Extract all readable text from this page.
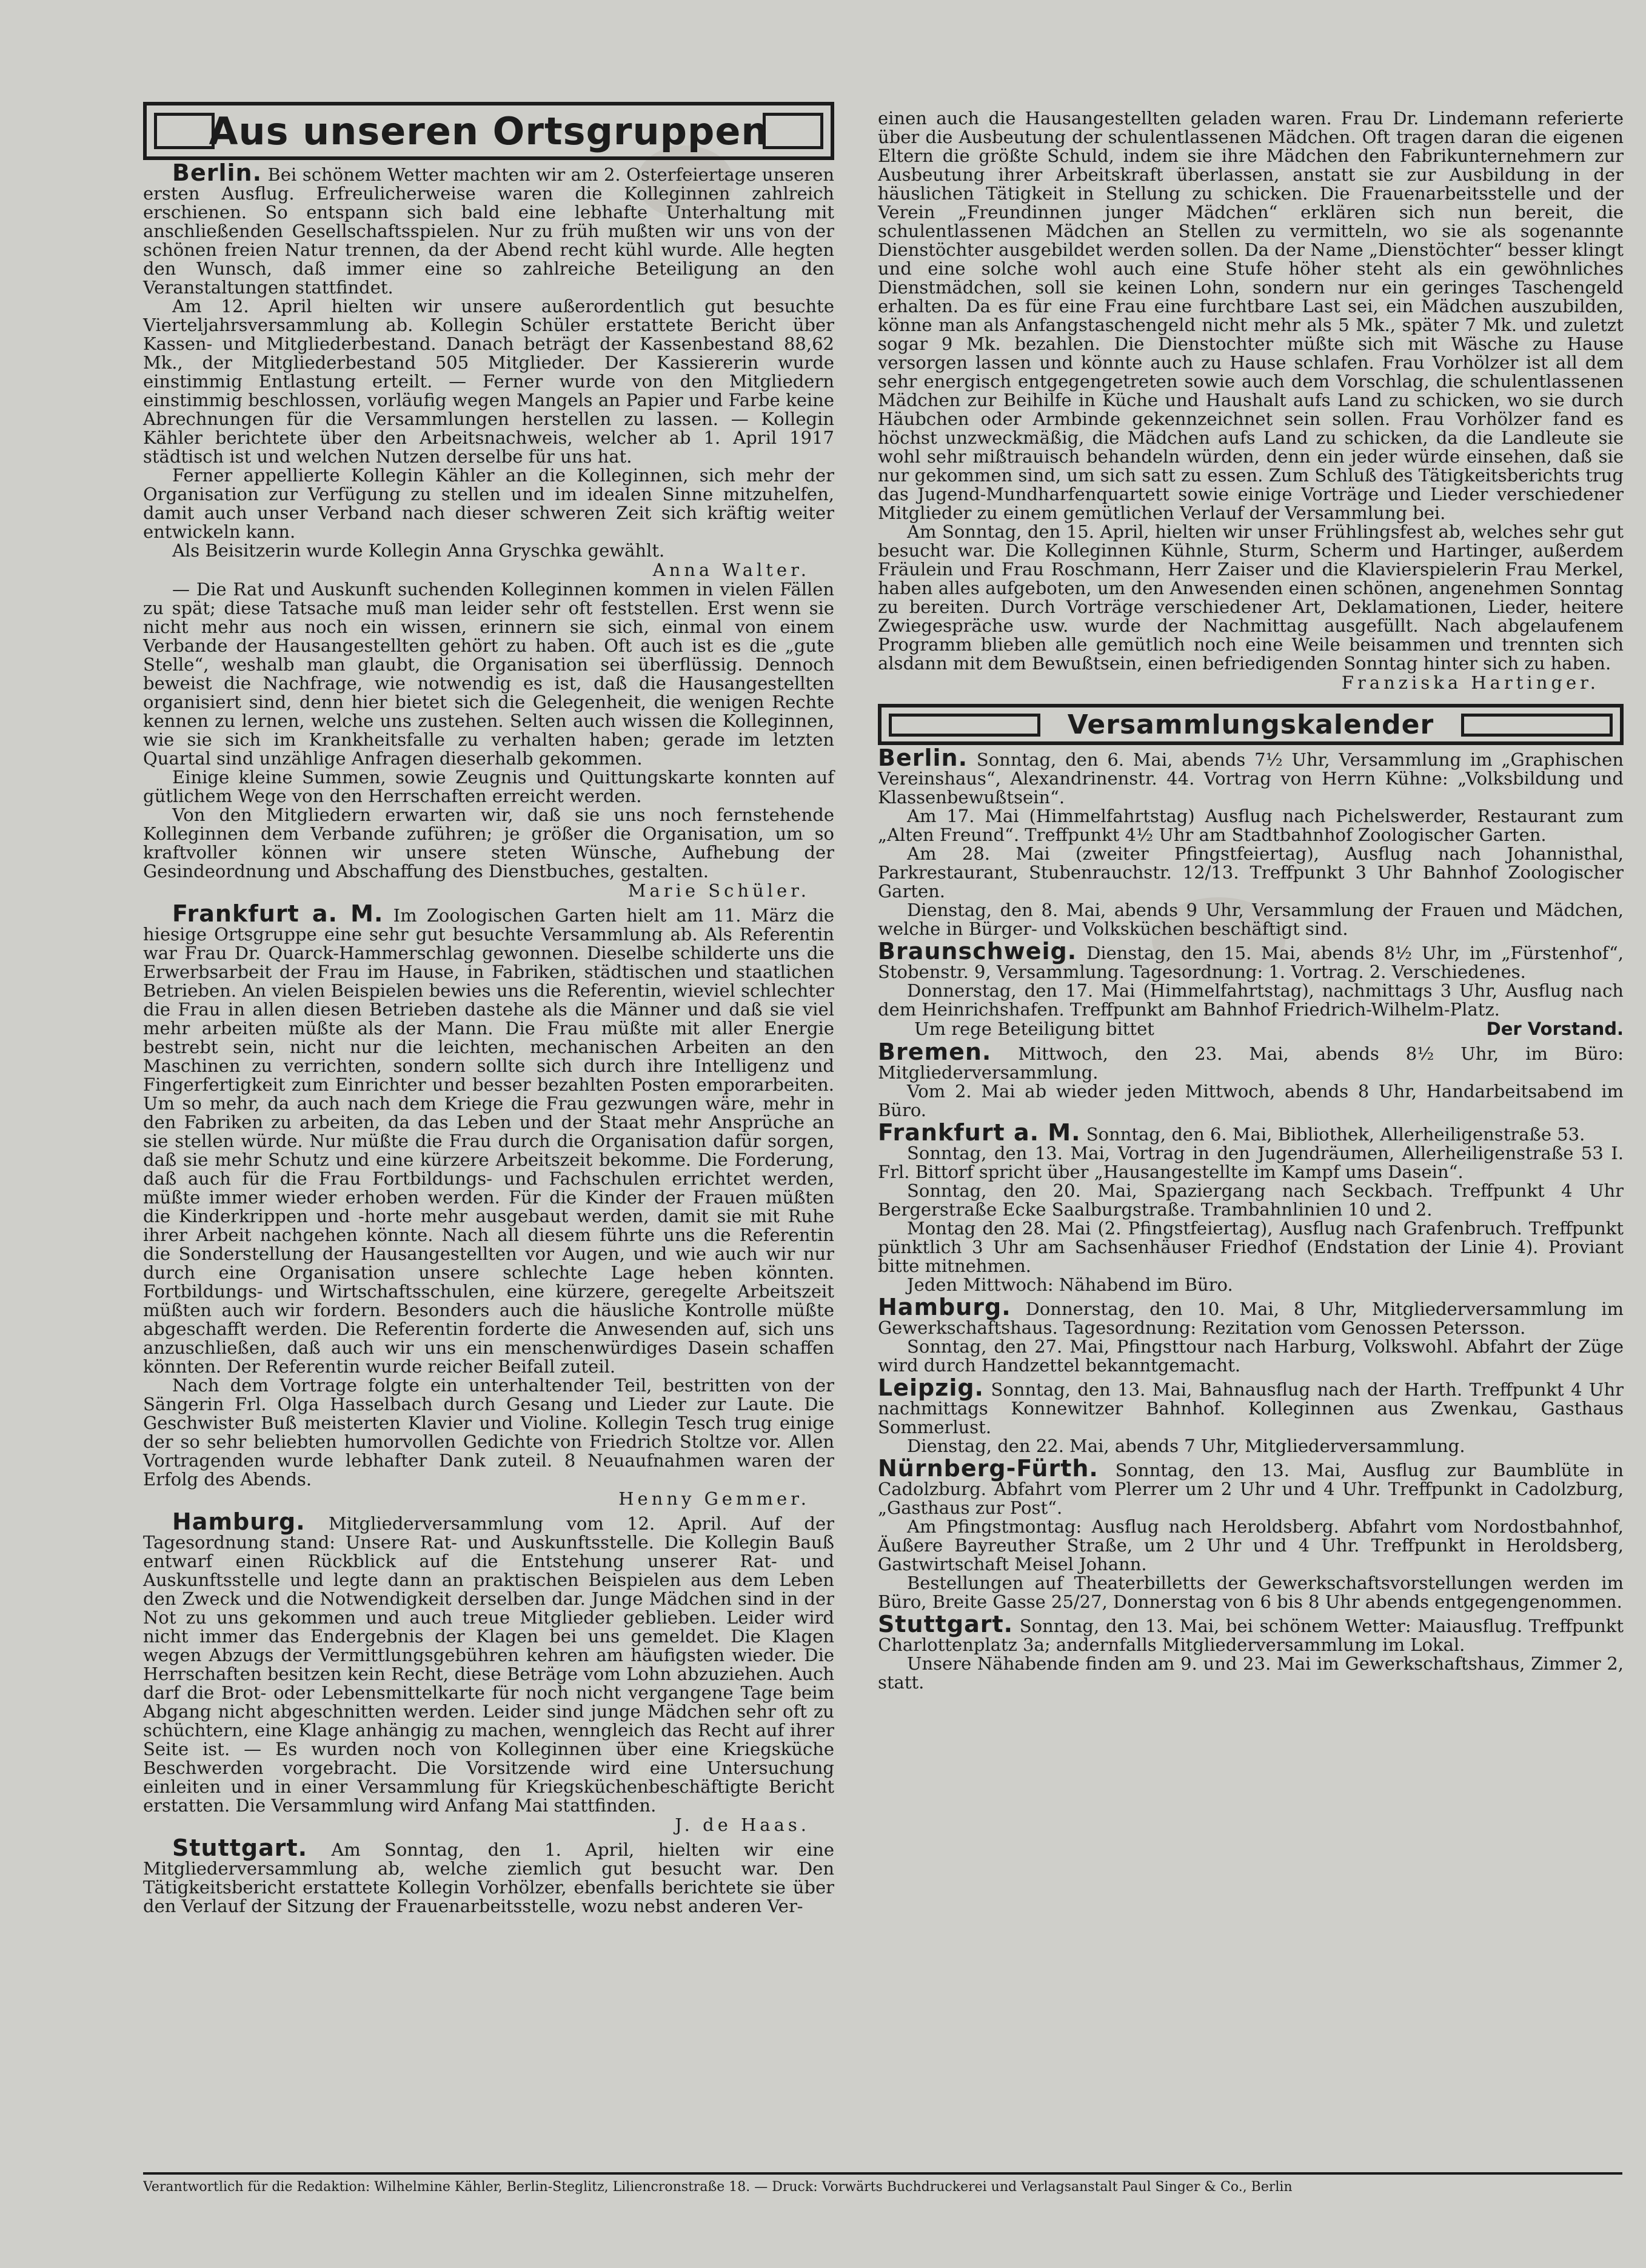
Aus unseren Ortsgruppen

Berlin. Bei schönem Wetter machten wir am 2. Osterfeiertage unseren ersten Ausflug. Erfreulicherweise waren die Kolleginnen zahlreich erschienen. So entspann sich bald eine lebhafte Unterhaltung mit anschließenden Gesellschaftsspielen. Nur zu früh mußten wir uns von der schönen freien Natur trennen, da der Abend recht kühl wurde. Alle hegten den Wunsch, daß immer eine so zahlreiche Beteiligung an den Veranstaltungen stattfindet.

Am 12. April hielten wir unsere außerordentlich gut besuchte Vierteljahrsversammlung ab. Kollegin Schüler erstattete Bericht über Kassen- und Mitgliederbestand. Danach beträgt der Kassenbestand 88,62 Mk., der Mitgliederbestand 505 Mitglieder. Der Kassiererin wurde einstimmig Entlastung erteilt. — Ferner wurde von den Mitgliedern einstimmig beschlossen, vorläufig wegen Mangels an Papier und Farbe keine Abrechnungen für die Versammlungen herstellen zu lassen. — Kollegin Kähler berichtete über den Arbeitsnachweis, welcher ab 1. April 1917 städtisch ist und welchen Nutzen derselbe für uns hat.

Ferner appellierte Kollegin Kähler an die Kolleginnen, sich mehr der Organisation zur Verfügung zu stellen und im idealen Sinne mitzuhelfen, damit auch unser Verband nach dieser schweren Zeit sich kräftig weiter entwickeln kann.

Als Beisitzerin wurde Kollegin Anna Gryschka gewählt.

Anna Walter.

— Die Rat und Auskunft suchenden Kolleginnen kommen in vielen Fällen zu spät; diese Tatsache muß man leider sehr oft feststellen. Erst wenn sie nicht mehr aus noch ein wissen, erinnern sie sich, einmal von einem Verbande der Hausangestellten gehört zu haben. Oft auch ist es die „gute Stelle“, weshalb man glaubt, die Organisation sei überflüssig. Dennoch beweist die Nachfrage, wie notwendig es ist, daß die Hausangestellten organisiert sind, denn hier bietet sich die Gelegenheit, die wenigen Rechte kennen zu lernen, welche uns zustehen. Selten auch wissen die Kolleginnen, wie sie sich im Krankheitsfalle zu verhalten haben; gerade im letzten Quartal sind unzählige Anfragen dieserhalb gekommen.

Einige kleine Summen, sowie Zeugnis und Quittungskarte konnten auf gütlichem Wege von den Herrschaften erreicht werden.

Von den Mitgliedern erwarten wir, daß sie uns noch fernstehende Kolleginnen dem Verbande zuführen; je größer die Organisation, um so kraftvoller können wir unsere steten Wünsche, Aufhebung der Gesindeordnung und Abschaffung des Dienstbuches, gestalten.

Marie Schüler.

Frankfurt a. M. Im Zoologischen Garten hielt am 11. März die hiesige Ortsgruppe eine sehr gut besuchte Versammlung ab. Als Referentin war Frau Dr. Quarck-Hammerschlag gewonnen. Dieselbe schilderte uns die Erwerbsarbeit der Frau im Hause, in Fabriken, städtischen und staatlichen Betrieben. An vielen Beispielen bewies uns die Referentin, wieviel schlechter die Frau in allen diesen Betrieben dastehe als die Männer und daß sie viel mehr arbeiten müßte als der Mann. Die Frau müßte mit aller Energie bestrebt sein, nicht nur die leichten, mechanischen Arbeiten an den Maschinen zu verrichten, sondern sollte sich durch ihre Intelligenz und Fingerfertigkeit zum Einrichter und besser bezahlten Posten emporarbeiten. Um so mehr, da auch nach dem Kriege die Frau gezwungen wäre, mehr in den Fabriken zu arbeiten, da das Leben und der Staat mehr Ansprüche an sie stellen würde. Nur müßte die Frau durch die Organisation dafür sorgen, daß sie mehr Schutz und eine kürzere Arbeitszeit bekomme. Die Forderung, daß auch für die Frau Fortbildungs- und Fachschulen errichtet werden, müßte immer wieder erhoben werden. Für die Kinder der Frauen müßten die Kinderkrippen und -horte mehr ausgebaut werden, damit sie mit Ruhe ihrer Arbeit nachgehen könnte. Nach all diesem führte uns die Referentin die Sonderstellung der Hausangestellten vor Augen, und wie auch wir nur durch eine Organisation unsere schlechte Lage heben könnten. Fortbildungs- und Wirtschaftsschulen, eine kürzere, geregelte Arbeitszeit müßten auch wir fordern. Besonders auch die häusliche Kontrolle müßte abgeschafft werden. Die Referentin forderte die Anwesenden auf, sich uns anzuschließen, daß auch wir uns ein menschenwürdiges Dasein schaffen könnten. Der Referentin wurde reicher Beifall zuteil.

Nach dem Vortrage folgte ein unterhaltender Teil, bestritten von der Sängerin Frl. Olga Hasselbach durch Gesang und Lieder zur Laute. Die Geschwister Buß meisterten Klavier und Violine. Kollegin Tesch trug einige der so sehr beliebten humorvollen Gedichte von Friedrich Stoltze vor. Allen Vortragenden wurde lebhafter Dank zuteil. 8 Neuaufnahmen waren der Erfolg des Abends.

Henny Gemmer.

Hamburg. Mitgliederversammlung vom 12. April. Auf der Tagesordnung stand: Unsere Rat- und Auskunftsstelle. Die Kollegin Bauß entwarf einen Rückblick auf die Entstehung unserer Rat- und Auskunftsstelle und legte dann an praktischen Beispielen aus dem Leben den Zweck und die Notwendigkeit derselben dar. Junge Mädchen sind in der Not zu uns gekommen und auch treue Mitglieder geblieben. Leider wird nicht immer das Endergebnis der Klagen bei uns gemeldet. Die Klagen wegen Abzugs der Vermittlungsgebühren kehren am häufigsten wieder. Die Herrschaften besitzen kein Recht, diese Beträge vom Lohn abzuziehen. Auch darf die Brot- oder Lebensmittelkarte für noch nicht vergangene Tage beim Abgang nicht abgeschnitten werden. Leider sind junge Mädchen sehr oft zu schüchtern, eine Klage anhängig zu machen, wenngleich das Recht auf ihrer Seite ist. — Es wurden noch von Kolleginnen über eine Kriegsküche Beschwerden vorgebracht. Die Vorsitzende wird eine Untersuchung einleiten und in einer Versammlung für Kriegsküchenbeschäftigte Bericht erstatten. Die Versammlung wird Anfang Mai stattfinden.

J. de Haas.

Stuttgart. Am Sonntag, den 1. April, hielten wir eine Mitgliederversammlung ab, welche ziemlich gut besucht war. Den Tätigkeitsbericht erstattete Kollegin Vorhölzer, ebenfalls berichtete sie über den Verlauf der Sitzung der Frauenarbeitsstelle, wozu nebst anderen Ver-

einen auch die Hausangestellten geladen waren. Frau Dr. Lindemann referierte über die Ausbeutung der schulentlassenen Mädchen. Oft tragen daran die eigenen Eltern die größte Schuld, indem sie ihre Mädchen den Fabrikunternehmern zur Ausbeutung ihrer Arbeitskraft überlassen, anstatt sie zur Ausbildung in der häuslichen Tätigkeit in Stellung zu schicken. Die Frauenarbeitsstelle und der Verein „Freundinnen junger Mädchen“ erklären sich nun bereit, die schulentlassenen Mädchen an Stellen zu vermitteln, wo sie als sogenannte Dienstöchter ausgebildet werden sollen. Da der Name „Dienstöchter“ besser klingt und eine solche wohl auch eine Stufe höher steht als ein gewöhnliches Dienstmädchen, soll sie keinen Lohn, sondern nur ein geringes Taschengeld erhalten. Da es für eine Frau eine furchtbare Last sei, ein Mädchen auszubilden, könne man als Anfangstaschengeld nicht mehr als 5 Mk., später 7 Mk. und zuletzt sogar 9 Mk. bezahlen. Die Dienstochter müßte sich mit Wäsche zu Hause versorgen lassen und könnte auch zu Hause schlafen. Frau Vorhölzer ist all dem sehr energisch entgegengetreten sowie auch dem Vorschlag, die schulentlassenen Mädchen zur Beihilfe in Küche und Haushalt aufs Land zu schicken, wo sie durch Häubchen oder Armbinde gekennzeichnet sein sollen. Frau Vorhölzer fand es höchst unzweckmäßig, die Mädchen aufs Land zu schicken, da die Landleute sie wohl sehr mißtrauisch behandeln würden, denn ein jeder würde einsehen, daß sie nur gekommen sind, um sich satt zu essen. Zum Schluß des Tätigkeitsberichts trug das Jugend-Mundharfenquartett sowie einige Vorträge und Lieder verschiedener Mitglieder zu einem gemütlichen Verlauf der Versammlung bei.

Am Sonntag, den 15. April, hielten wir unser Frühlingsfest ab, welches sehr gut besucht war. Die Kolleginnen Kühnle, Sturm, Scherm und Hartinger, außerdem Fräulein und Frau Roschmann, Herr Zaiser und die Klavierspielerin Frau Merkel, haben alles aufgeboten, um den Anwesenden einen schönen, angenehmen Sonntag zu bereiten. Durch Vorträge verschiedener Art, Deklamationen, Lieder, heitere Zwiegespräche usw. wurde der Nachmittag ausgefüllt. Nach abgelaufenem Programm blieben alle gemütlich noch eine Weile beisammen und trennten sich alsdann mit dem Bewußtsein, einen befriedigenden Sonntag hinter sich zu haben.

Franziska Hartinger.
Versammlungskalender

Berlin. Sonntag, den 6. Mai, abends 7½ Uhr, Versammlung im „Graphischen Vereinshaus“, Alexandrinenstr. 44. Vortrag von Herrn Kühne: „Volksbildung und Klassenbewußtsein“.

Am 17. Mai (Himmelfahrtstag) Ausflug nach Pichelswerder, Restaurant zum „Alten Freund“. Treffpunkt 4½ Uhr am Stadtbahnhof Zoologischer Garten.

Am 28. Mai (zweiter Pfingstfeiertag), Ausflug nach Johannisthal, Parkrestaurant, Stubenrauchstr. 12/13. Treffpunkt 3 Uhr Bahnhof Zoologischer Garten.

Dienstag, den 8. Mai, abends 9 Uhr, Versammlung der Frauen und Mädchen, welche in Bürger- und Volksküchen beschäftigt sind.

Braunschweig. Dienstag, den 15. Mai, abends 8½ Uhr, im „Fürstenhof“, Stobenstr. 9, Versammlung. Tagesordnung: 1. Vortrag. 2. Verschiedenes.

Donnerstag, den 17. Mai (Himmelfahrtstag), nachmittags 3 Uhr, Ausflug nach dem Heinrichshafen. Treffpunkt am Bahnhof Friedrich-Wilhelm-Platz.

Um rege Beteiligung bittet	Der Vorstand.

Bremen. Mittwoch, den 23. Mai, abends 8½ Uhr, im Büro: Mitgliederversammlung.

Vom 2. Mai ab wieder jeden Mittwoch, abends 8 Uhr, Handarbeitsabend im Büro.

Frankfurt a. M. Sonntag, den 6. Mai, Bibliothek, Allerheiligenstraße 53.

Sonntag, den 13. Mai, Vortrag in den Jugendräumen, Allerheiligenstraße 53 I. Frl. Bittorf spricht über „Hausangestellte im Kampf ums Dasein“.

Sonntag, den 20. Mai, Spaziergang nach Seckbach. Treffpunkt 4 Uhr Bergerstraße Ecke Saalburgstraße. Trambahnlinien 10 und 2.

Montag den 28. Mai (2. Pfingstfeiertag), Ausflug nach Grafenbruch. Treffpunkt pünktlich 3 Uhr am Sachsenhäuser Friedhof (Endstation der Linie 4). Proviant bitte mitnehmen.

Jeden Mittwoch: Nähabend im Büro.

Hamburg. Donnerstag, den 10. Mai, 8 Uhr, Mitgliederversammlung im Gewerkschaftshaus. Tagesordnung: Rezitation vom Genossen Petersson.

Sonntag, den 27. Mai, Pfingsttour nach Harburg, Volkswohl. Abfahrt der Züge wird durch Handzettel bekanntgemacht.

Leipzig. Sonntag, den 13. Mai, Bahnausflug nach der Harth. Treffpunkt 4 Uhr nachmittags Konnewitzer Bahnhof. Kolleginnen aus Zwenkau, Gasthaus Sommerlust.

Dienstag, den 22. Mai, abends 7 Uhr, Mitgliederversammlung.

Nürnberg-Fürth. Sonntag, den 13. Mai, Ausflug zur Baumblüte in Cadolzburg. Abfahrt vom Plerrer um 2 Uhr und 4 Uhr. Treffpunkt in Cadolzburg, „Gasthaus zur Post“.

Am Pfingstmontag: Ausflug nach Heroldsberg. Abfahrt vom Nordostbahnhof, Äußere Bayreuther Straße, um 2 Uhr und 4 Uhr. Treffpunkt in Heroldsberg, Gastwirtschaft Meisel Johann.

Bestellungen auf Theaterbilletts der Gewerkschaftsvorstellungen werden im Büro, Breite Gasse 25/27, Donnerstag von 6 bis 8 Uhr abends entgegengenommen.

Stuttgart. Sonntag, den 13. Mai, bei schönem Wetter: Maiausflug. Treffpunkt Charlottenplatz 3a; andernfalls Mitgliederversammlung im Lokal.

Unsere Nähabende finden am 9. und 23. Mai im Gewerkschaftshaus, Zimmer 2, statt.

Verantwortlich für die Redaktion: Wilhelmine Kähler, Berlin-Steglitz, Liliencronstraße 18. — Druck: Vorwärts Buchdruckerei und Verlagsanstalt Paul Singer & Co., Berlin
